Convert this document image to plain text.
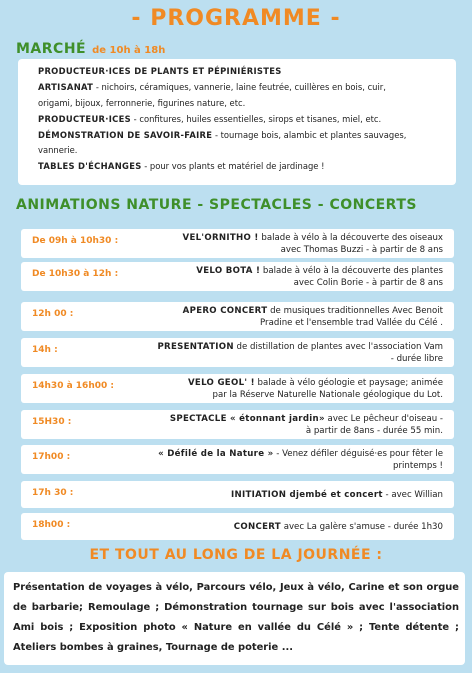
- PROGRAMME -
MARCHÉ de 10h à 18h
PRODUCTEUR·ICES DE PLANTS ET PÉPINIÉRISTES
ARTISANAT - nichoirs, céramiques, vannerie, laine feutrée, cuillères en bois, cuir,
origami, bijoux, ferronnerie, figurines nature, etc.
PRODUCTEUR·ICES - confitures, huiles essentielles, sirops et tisanes, miel, etc.
DÉMONSTRATION DE SAVOIR-FAIRE - tournage bois, alambic et plantes sauvages,
vannerie.
TABLES D'ÉCHANGES - pour vos plants et matériel de jardinage !
ANIMATIONS NATURE - SPECTACLES - CONCERTS
De 09h à 10h30 :	VEL'ORNITHO ! balade à vélo à la découverte des oiseaux
avec Thomas Buzzi - à partir de 8 ans
De 10h30 à 12h :	VELO BOTA ! balade à vélo à la découverte des plantes
avec Colin Borie - à partir de 8 ans
12h 00 :	APERO CONCERT de musiques traditionnelles Avec Benoit
Pradine et l'ensemble trad Vallée du Célé .
14h :	PRESENTATION de distillation de plantes avec l'association Vam
- durée libre
14h30 à 16h00 :	VELO GEOL' ! balade à vélo géologie et paysage; animée
par la Réserve Naturelle Nationale géologique du Lot.
15H30 :	SPECTACLE « étonnant jardin» avec Le pêcheur d'oiseau -
à partir de 8ans - durée 55 min.
17h00 :	« Défilé de la Nature » - Venez défiler déguisé·es pour fêter le
printemps !
17h 30 :	INITIATION djembé et concert - avec Willian
18h00 :	CONCERT avec La galère s'amuse - durée 1h30
ET TOUT AU LONG DE LA JOURNÉE :
Présentation de voyages à vélo, Parcours vélo, Jeux à vélo, Carine et son orgue de barbarie; Remoulage ; Démonstration tournage sur bois avec l'association Ami bois ; Exposition photo « Nature en vallée du Célé » ; Tente détente ; Ateliers bombes à graines, Tournage de poterie ...
